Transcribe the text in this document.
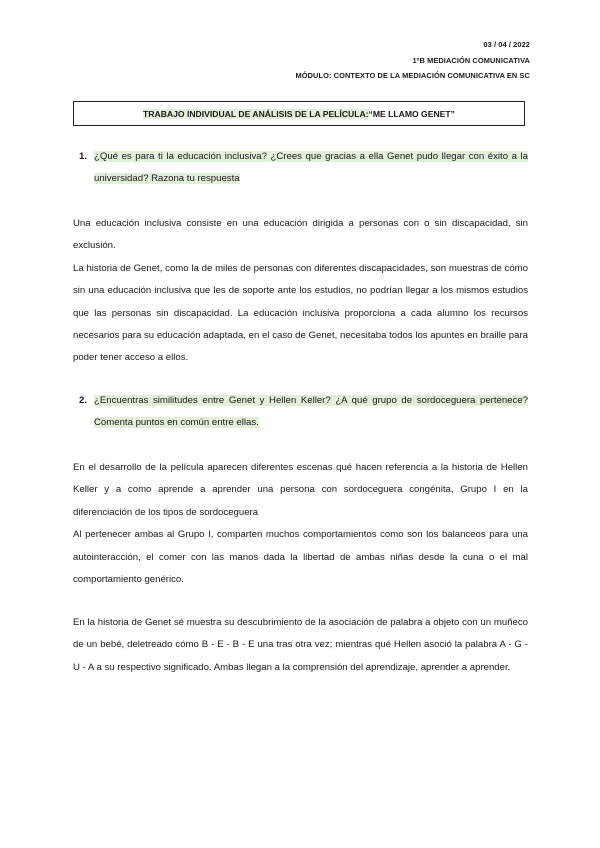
03 / 04 / 2022
1ºB MEDIACIÓN COMUNICATIVA
MÓDULO: CONTEXTO DE LA MEDIACIÓN COMUNICATIVA EN SC
TRABAJO INDIVIDUAL DE ANÁLISIS DE LA PELÍCULA: “ME LLAMO GENET”
1. ¿Qué es para ti la educación inclusiva? ¿Crees que gracias a ella Genet pudo llegar con éxito a la universidad? Razona tu respuesta

Una educación inclusiva consiste en una educación dirigida a personas con o sin discapacidad, sin exclusión.

La historia de Genet, como la de miles de personas con diferentes discapacidades, son muestras de cómo sin una educación inclusiva que les de soporte ante los estudios, no podrían llegar a los mismos estudios que las personas sin discapacidad. La educación inclusiva proporciona a cada alumno los recursos necesarios para su educación adaptada, en el caso de Genet, necesitaba todos los apuntes en braille para poder tener acceso a ellos.

2. ¿Encuentras similitudes entre Genet y Hellen Keller? ¿A qué grupo de sordoceguera pertenece? Comenta puntos en común entre ellas.

En el desarrollo de la película aparecen diferentes escenas qué hacen referencia a la historia de Hellen Keller y a como aprende a aprender una persona con sordoceguera congénita, Grupo I en la diferenciación de los tipos de sordoceguera

Al pertenecer ambas al Grupo I, comparten muchos comportamientos como son los balanceos para una autointeracción, el comer con las manos dada la libertad de ambas niñas desde la cuna o el mal comportamiento genérico.

En la historia de Genet sé muestra su descubrimiento de la asociación de palabra a objeto con un muñeco de un bebé, deletreado cómo B - E - B - E una tras otra vez; mientras qué Hellen asoció la palabra A - G - U - A a su respectivo significado. Ambas llegan a la comprensión del aprendizaje, aprender a aprender.
